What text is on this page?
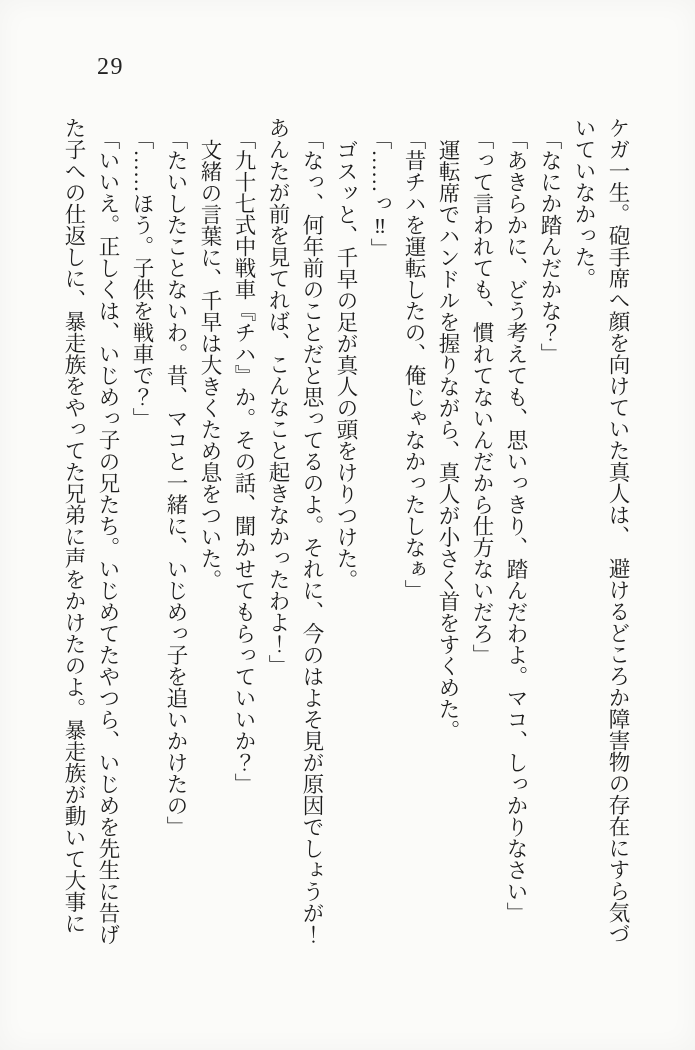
29

ケガ一生。砲手席へ顔を向けていた真人は、　避けるどころか障害物の存在にすら気づ

いていなかった。

「なにか踏んだかな？」

「あきらかに、どう考えても、思いっきり、踏んだわよ。マコ、しっかりなさい」

「って言われても、慣れてないんだから仕方ないだろ」

運転席でハンドルを握りながら、真人が小さく首をすくめた。

「昔チハを運転したの、俺じゃなかったしなぁ」

「……っ‼」

ゴスッと、千早の足が真人の頭をけりつけた。

「なっ、何年前のことだと思ってるのよ。それに、今のはよそ見が原因でしょうが！

あんたが前を見てれば、こんなこと起きなかったわよ！」

「九十七式中戦車『チハ』か。その話、聞かせてもらっていいか？」

文緒の言葉に、千早は大きくため息をついた。

「たいしたことないわ。昔、マコと一緒に、いじめっ子を追いかけたの」

「……ほう。子供を戦車で？」

「いいえ。正しくは、いじめっ子の兄たち。いじめてたやつら、いじめを先生に告げ

た子への仕返しに、暴走族をやってた兄弟に声をかけたのよ。暴走族が動いて大事に
